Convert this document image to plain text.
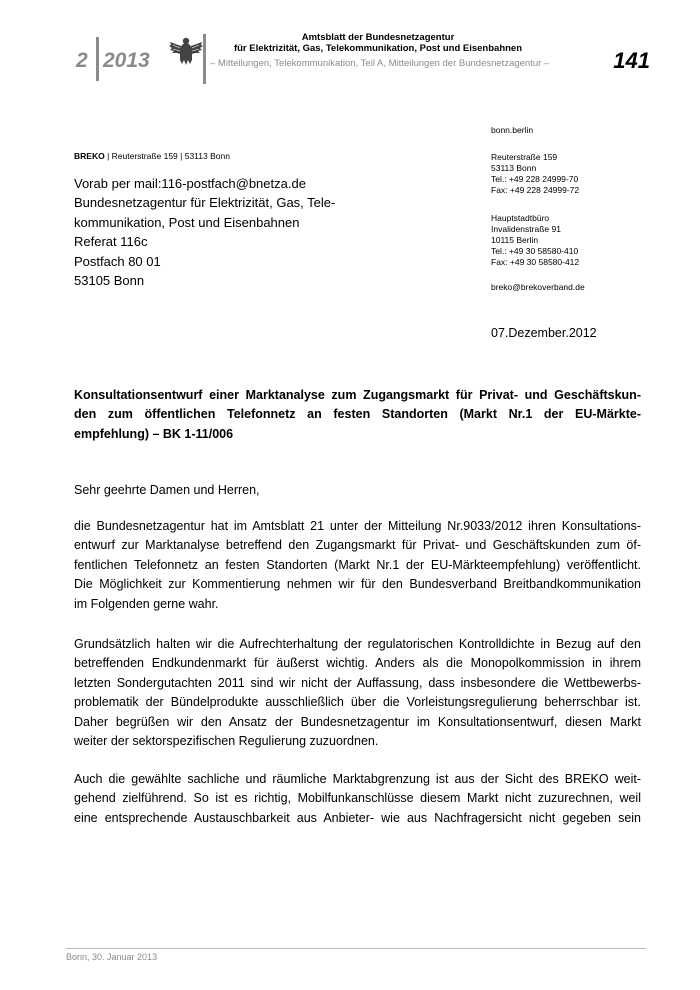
2 2013
Amtsblatt der Bundesnetzagentur
für Elektrizität, Gas, Telekommunikation, Post und Eisenbahnen
– Mitteilungen, Telekommunikation, Teil A, Mitteilungen der Bundesnetzagentur –	141
BREKO | Reuterstraße 159 | 53113 Bonn
Vorab per mail:116-postfach@bnetza.de
Bundesnetzagentur für Elektrizität, Gas, Tele-
kommunikation, Post und Eisenbahnen
Referat 116c
Postfach 80 01
53105 Bonn
bonn.berlin
Reuterstraße 159
53113 Bonn
Tel.: +49 228 24999-70
Fax: +49 228 24999-72
Hauptstadtbüro
Invalidenstraße 91
10115 Berlin
Tel.: +49 30 58580-410
Fax: +49 30 58580-412
breko@brekoverband.de
07.Dezember.2012
Konsultationsentwurf einer Marktanalyse zum Zugangsmarkt für Privat- und Geschäftskun-
den zum öffentlichen Telefonnetz an festen Standorten (Markt Nr.1 der EU-Märkte-
empfehlung) – BK 1-11/006
Sehr geehrte Damen und Herren,
die Bundesnetzagentur hat im Amtsblatt 21 unter der Mitteilung Nr.9033/2012 ihren Konsultations-
entwurf zur Marktanalyse betreffend den Zugangsmarkt für Privat- und Geschäftskunden zum öf-
fentlichen Telefonnetz an festen Standorten (Markt Nr.1 der EU-Märkteempfehlung) veröffentlicht.
Die Möglichkeit zur Kommentierung nehmen wir für den Bundesverband Breitbandkommunikation
im Folgenden gerne wahr.
Grundsätzlich halten wir die Aufrechterhaltung der regulatorischen Kontrolldichte in Bezug auf den
betreffenden Endkundenmarkt für äußerst wichtig. Anders als die Monopolkommission in ihrem
letzten Sondergutachten 2011 sind wir nicht der Auffassung, dass insbesondere die Wettbewerbs-
problematik der Bündelprodukte ausschließlich über die Vorleistungsregulierung beherrschbar ist.
Daher begrüßen wir den Ansatz der Bundesnetzagentur im Konsultationsentwurf, diesen Markt
weiter der sektorspezifischen Regulierung zuzuordnen.
Auch die gewählte sachliche und räumliche Marktabgrenzung ist aus der Sicht des BREKO weit-
gehend zielführend. So ist es richtig, Mobilfunkanschlüsse diesem Markt nicht zuzurechnen, weil
eine entsprechende Austauschbarkeit aus Anbieter- wie aus Nachfragersicht nicht gegeben sein
Bonn, 30. Januar 2013
